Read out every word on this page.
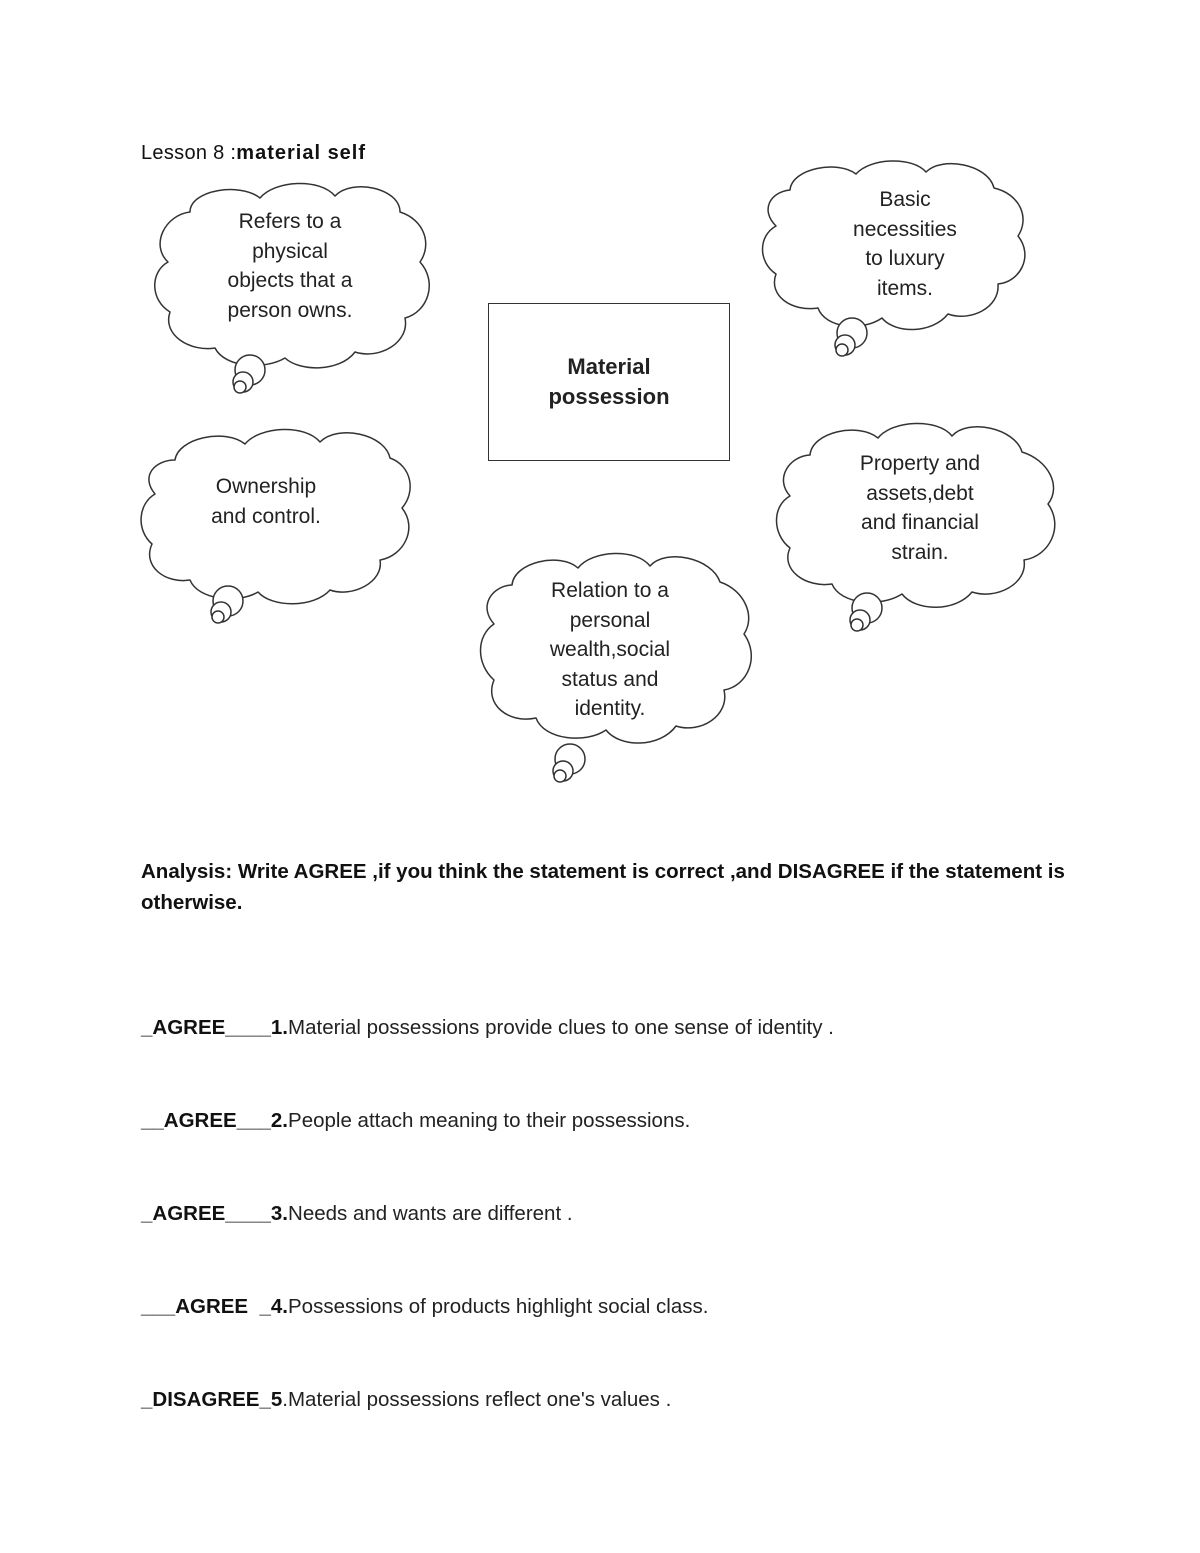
Lesson 8 :material self
Material
possession
Refers to a
physical
objects that a
person owns.
Basic
necessities
to luxury
items.
Ownership
and control.
Property and
assets,debt
and financial
strain.
Relation to a
personal
wealth,social
status and
identity.
Analysis: Write AGREE ,if you think the statement is correct ,and DISAGREE if the statement is otherwise.

_AGREE____1.Material possessions provide clues to one sense of identity .

__AGREE___2.People attach meaning to their possessions.

_AGREE____3.Needs and wants are different .

___AGREE  _4.Possessions of products highlight social class.

_DISAGREE_5.Material possessions reflect one's values .
